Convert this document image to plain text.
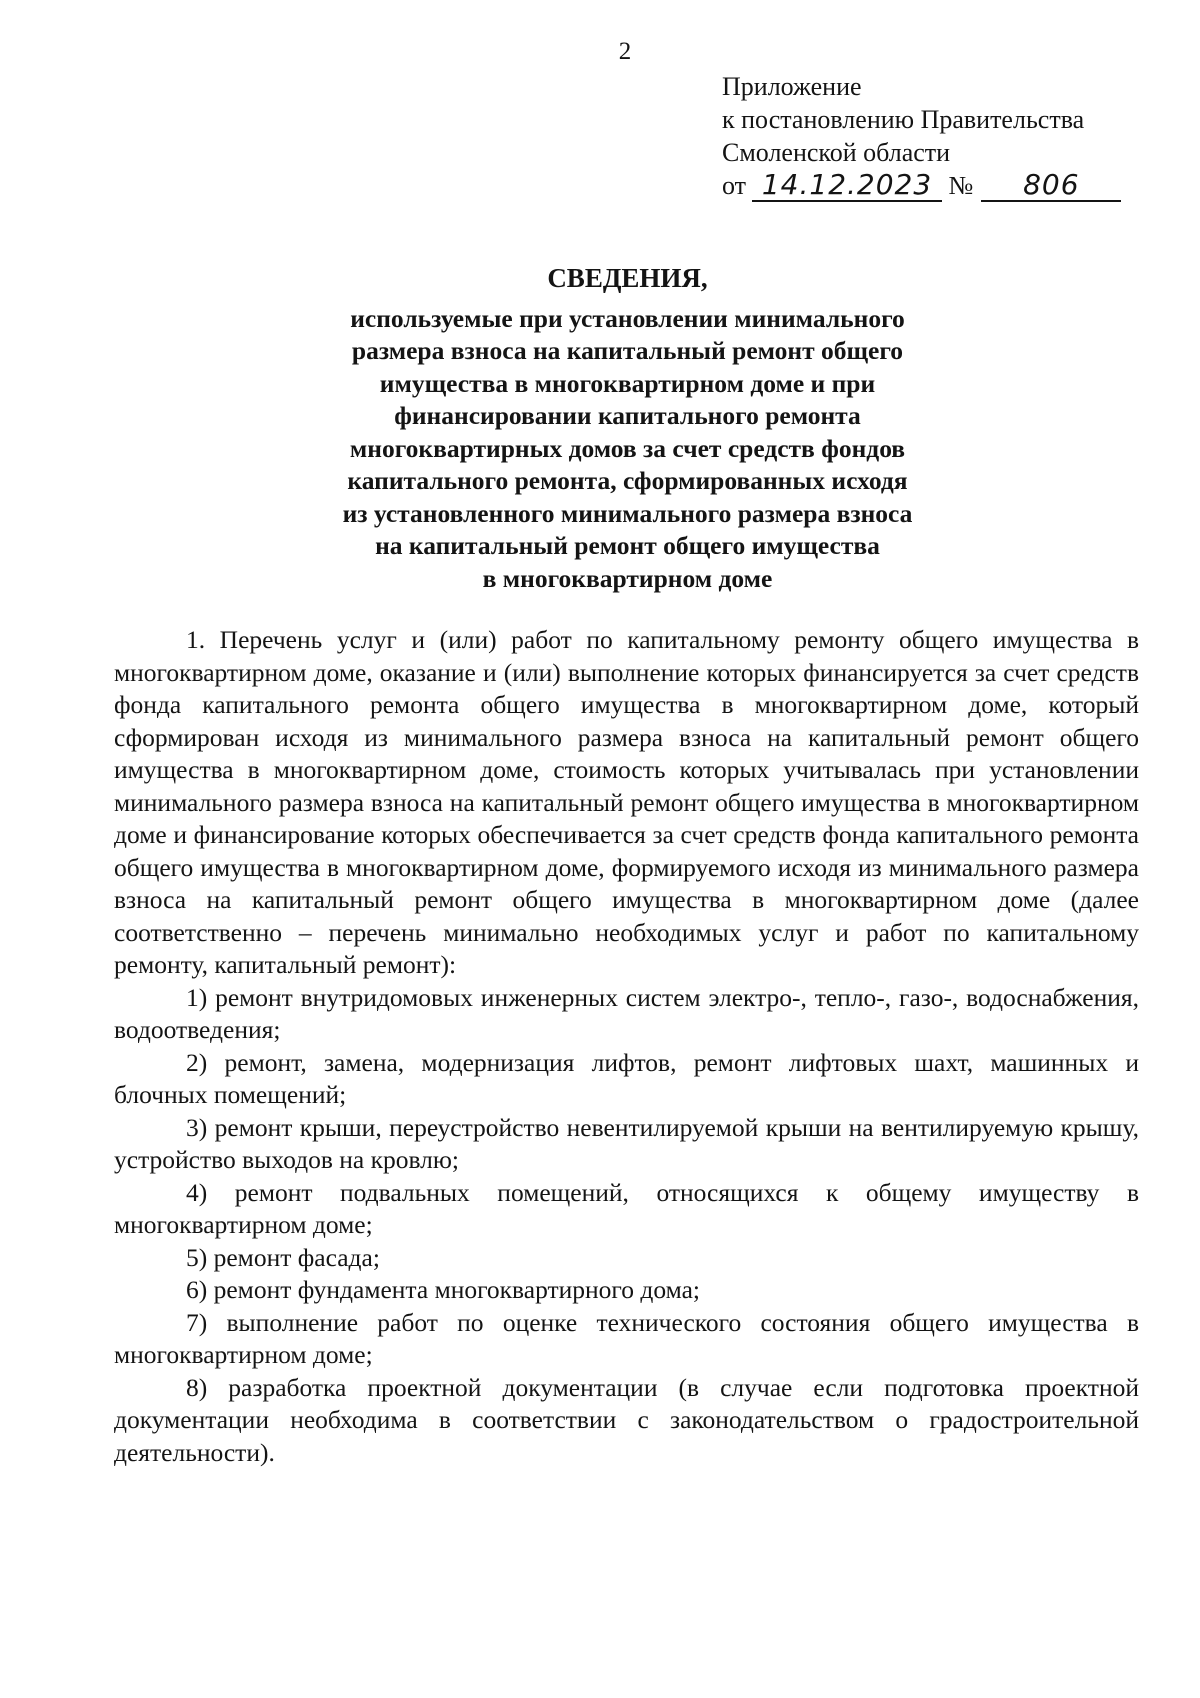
2
Приложение
к постановлению Правительства
Смоленской области
от 14.12.2023 № 806
СВЕДЕНИЯ,
используемые при установлении минимального
размера взноса на капитальный ремонт общего
имущества в многоквартирном доме и при
финансировании капитального ремонта
многоквартирных домов за счет средств фондов
капитального ремонта, сформированных исходя
из установленного минимального размера взноса
на капитальный ремонт общего имущества
в многоквартирном доме

1. Перечень услуг и (или) работ по капитальному ремонту общего имущества в многоквартирном доме, оказание и (или) выполнение которых финансируется за счет средств фонда капитального ремонта общего имущества в многоквартирном доме, который сформирован исходя из минимального размера взноса на капитальный ремонт общего имущества в многоквартирном доме, стоимость которых учитывалась при установлении минимального размера взноса на капитальный ремонт общего имущества в многоквартирном доме и финансирование которых обеспечивается за счет средств фонда капитального ремонта общего имущества в многоквартирном доме, формируемого исходя из минимального размера взноса на капитальный ремонт общего имущества в многоквартирном доме (далее соответственно – перечень минимально необходимых услуг и работ по капитальному ремонту, капитальный ремонт):

1) ремонт внутридомовых инженерных систем электро-, тепло-, газо-, водоснабжения, водоотведения;

2) ремонт, замена, модернизация лифтов, ремонт лифтовых шахт, машинных и блочных помещений;

3) ремонт крыши, переустройство невентилируемой крыши на вентилируемую крышу, устройство выходов на кровлю;

4) ремонт подвальных помещений, относящихся к общему имуществу в многоквартирном доме;

5) ремонт фасада;

6) ремонт фундамента многоквартирного дома;

7) выполнение работ по оценке технического состояния общего имущества в многоквартирном доме;

8) разработка проектной документации (в случае если подготовка проектной документации необходима в соответствии с законодательством о градостроительной деятельности).
